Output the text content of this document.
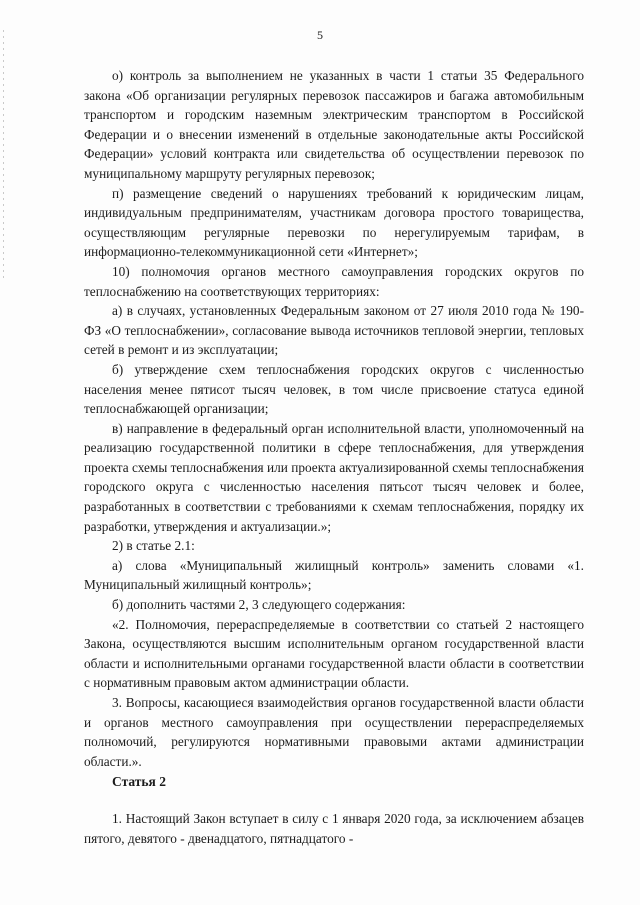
5

о) контроль за выполнением не указанных в части 1 статьи 35 Федерального закона «Об организации регулярных перевозок пассажиров и багажа автомобильным транспортом и городским наземным электрическим транспортом в Российской Федерации и о внесении изменений в отдельные законодательные акты Российской Федерации» условий контракта или свидетельства об осуществлении перевозок по муниципальному маршруту регулярных перевозок;

п) размещение сведений о нарушениях требований к юридическим лицам, индивидуальным предпринимателям, участникам договора простого товарищества, осуществляющим регулярные перевозки по нерегулируемым тарифам, в информационно-телекоммуникационной сети «Интернет»;

10) полномочия органов местного самоуправления городских округов по теплоснабжению на соответствующих территориях:

а) в случаях, установленных Федеральным законом от 27 июля 2010 года № 190-ФЗ «О теплоснабжении», согласование вывода источников тепловой энергии, тепловых сетей в ремонт и из эксплуатации;

б) утверждение схем теплоснабжения городских округов с численностью населения менее пятисот тысяч человек, в том числе присвоение статуса единой теплоснабжающей организации;

в) направление в федеральный орган исполнительной власти, уполномоченный на реализацию государственной политики в сфере теплоснабжения, для утверждения проекта схемы теплоснабжения или проекта актуализированной схемы теплоснабжения городского округа с численностью населения пятьсот тысяч человек и более, разработанных в соответствии с требованиями к схемам теплоснабжения, порядку их разработки, утверждения и актуализации.»;

2) в статье 2.1:

а) слова «Муниципальный жилищный контроль» заменить словами «1. Муниципальный жилищный контроль»;

б) дополнить частями 2, 3 следующего содержания:

«2. Полномочия, перераспределяемые в соответствии со статьей 2 настоящего Закона, осуществляются высшим исполнительным органом государственной власти области и исполнительными органами государственной власти области в соответствии с нормативным правовым актом администрации области.

3. Вопросы, касающиеся взаимодействия органов государственной власти области и органов местного самоуправления при осуществлении перераспределяемых полномочий, регулируются нормативными правовыми актами администрации области.».

Статья 2

1. Настоящий Закон вступает в силу с 1 января 2020 года, за исключением абзацев пятого, девятого - двенадцатого, пятнадцатого -
